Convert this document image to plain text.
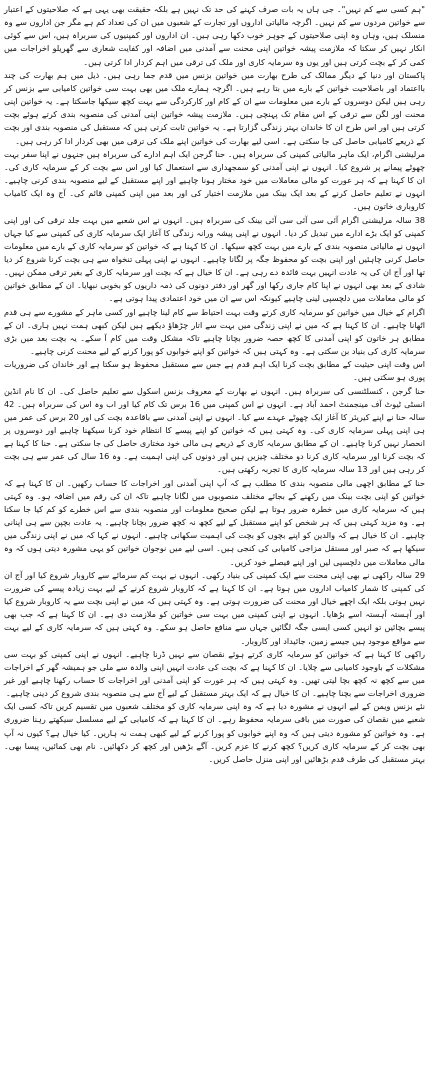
"ہم کسی سے کم نہیں"۔ جی ہاں یہ بات صرف کہنے کی حد تک نہیں ہے بلکہ حقیقت بھی یہی ہے کہ صلاحیتوں کے اعتبار سے خواتین مردوں سے کم نہیں۔ اگرچہ مالیاتی اداروں اور تجارت کے شعبوں میں ان کی تعداد کم ہے مگر جن اداروں سے وہ منسلک ہیں، وہاں وہ اپنی صلاحیتوں کے جوہر خوب دکھا رہی ہیں۔ ان اداروں اور کمپنیوں کی سربراہ ہیں، اس سے کوئی انکار نہیں کر سکتا کہ ملازمت پیشہ خواتین اپنی محنت سے آمدنی میں اضافہ اور کفایت شعاری سے گھریلو اخراجات میں کمی کر کے بچت کرتی ہیں اور یوں وہ سرمایہ کاری اور ملک کی ترقی میں اہم کردار ادا کرتی ہیں۔

پاکستان اور دنیا کے دیگر ممالک کی طرح بھارت میں خواتین بزنس میں قدم جما رہی ہیں۔ ذیل میں ہم بھارت کی چند بااعتماد اور باصلاحیت خواتین کے بارے میں بتا رہے ہیں۔ اگرچہ ہمارے ملک میں بھی بہت سی خواتین کامیابی سے بزنس کر رہی ہیں لیکن دوسروں کے بارے میں معلومات سے ان کے کام اور کارکردگی سے بہت کچھ سیکھا جاسکتا ہے۔ یہ خواتین اپنی محنت اور لگن سے ترقی کے اس مقام تک پہنچی ہیں۔ ملازمت پیشہ خواتین اپنی آمدنی کی منصوبہ بندی کرتے ہوئے بچت کرتی ہیں اور اس طرح ان کا خاندان بہتر زندگی گزارتا ہے۔ یہ خواتین ثابت کرتی ہیں کہ مستقبل کی منصوبہ بندی اور بچت کے ذریعے کامیابی حاصل کی جا سکتی ہے۔ اسی لیے بھارت کی خواتین اپنے ملک کی ترقی میں بھی کردار ادا کر رہی ہیں۔

مرلیشنی اگرام، ایک ماہر مالیاتی کمپنی کی سربراہ ہیں۔ حنا گرجن ایک اہم ادارے کی سربراہ ہیں جنہوں نے اپنا سفر بہت چھوٹے پیمانے پر شروع کیا۔ انہوں نے اپنی آمدنی کو سمجھداری سے استعمال کیا اور اس سے بچت کر کے سرمایہ کاری کی۔ ان کا کہنا ہے کہ ہر عورت کو مالی معاملات میں خود مختار ہونا چاہیے اور اپنے مستقبل کے لیے منصوبہ بندی کرنی چاہیے۔ انہوں نے تعلیم حاصل کرنے کے بعد ایک بینک میں ملازمت اختیار کی اور بعد میں اپنی کمپنی قائم کی۔ آج وہ ایک کامیاب کاروباری خاتون ہیں۔

38 سالہ مرلیشنی اگرام آئی سی آئی سی آئی بینک کی سربراہ ہیں۔ انہوں نے اس شعبے میں بہت جلد ترقی کی اور اپنی کمپنی کو ایک بڑے ادارے میں تبدیل کر دیا۔ انہوں نے اپنی پیشہ ورانہ زندگی کا آغاز ایک سرمایہ کاری کی کمپنی سے کیا جہاں انہوں نے مالیاتی منصوبہ بندی کے بارے میں بہت کچھ سیکھا۔ ان کا کہنا ہے کہ خواتین کو سرمایہ کاری کے بارے میں معلومات حاصل کرنی چاہئیں اور اپنی بچت کو محفوظ جگہ پر لگانا چاہیے۔ انہوں نے اپنی پہلی تنخواہ سے ہی بچت کرنا شروع کر دیا تھا اور آج ان کی یہ عادت انہیں بہت فائدہ دے رہی ہے۔ ان کا خیال ہے کہ بچت اور سرمایہ کاری کے بغیر ترقی ممکن نہیں۔ شادی کے بعد بھی انہوں نے اپنا کام جاری رکھا اور گھر اور دفتر دونوں کی ذمہ داریوں کو بخوبی نبھایا۔ ان کے مطابق خواتین کو مالی معاملات میں دلچسپی لینی چاہیے کیونکہ اس سے ان میں خود اعتمادی پیدا ہوتی ہے۔

اگرام کے خیال میں خواتین کو سرمایہ کاری کرتے وقت بہت احتیاط سے کام لینا چاہیے اور کسی ماہر کے مشورے سے ہی قدم اٹھانا چاہیے۔ ان کا کہنا ہے کہ میں نے اپنی زندگی میں بہت سے اتار چڑھاؤ دیکھے ہیں لیکن کبھی ہمت نہیں ہاری۔ ان کے مطابق ہر خاتون کو اپنی آمدنی کا کچھ حصہ ضرور بچانا چاہیے تاکہ مشکل وقت میں کام آ سکے۔ یہ بچت بعد میں بڑی سرمایہ کاری کی بنیاد بن سکتی ہے۔ وہ کہتی ہیں کہ خواتین کو اپنے خوابوں کو پورا کرنے کے لیے محنت کرنی چاہیے۔

اس وقت اپنی حیثیت کے مطابق بچت کرنا ایک اہم قدم ہے جس سے مستقبل محفوظ ہو سکتا ہے اور خاندان کی ضروریات پوری ہو سکتی ہیں۔

حنا گرجن ، کنسلٹنسی کی سربراہ ہیں۔ انہوں نے بھارت کے معروف بزنس اسکول سے تعلیم حاصل کی۔ ان کا نام انڈین انسٹی ٹیوٹ آف مینجمنٹ احمد آباد ہے۔ انہوں نے اس کمپنی میں 16 برس تک کام کیا اور اب وہ اس کی سربراہ ہیں۔ 42 سالہ حنا نے اپنے کیریئر کا آغاز ایک چھوٹے عہدے سے کیا۔ انہوں نے اپنی آمدنی سے باقاعدہ بچت کی اور 20 برس کی عمر میں ہی اپنی پہلی سرمایہ کاری کی۔ وہ کہتی ہیں کہ خواتین کو اپنے پیسے کا انتظام خود کرنا سیکھنا چاہیے اور دوسروں پر انحصار نہیں کرنا چاہیے۔ ان کے مطابق سرمایہ کاری کے ذریعے ہی مالی خود مختاری حاصل کی جا سکتی ہے۔ حنا کا کہنا ہے کہ بچت کرنا اور سرمایہ کاری کرنا دو مختلف چیزیں ہیں اور دونوں کی اپنی اہمیت ہے۔ وہ 16 سال کی عمر سے ہی بچت کر رہی ہیں اور 13 سالہ سرمایہ کاری کا تجربہ رکھتی ہیں۔

حنا کے مطابق اچھی مالی منصوبہ بندی کا مطلب ہے کہ آپ اپنی آمدنی اور اخراجات کا حساب رکھیں۔ ان کا کہنا ہے کہ خواتین کو اپنی بچت بینک میں رکھنے کے بجائے مختلف منصوبوں میں لگانا چاہیے تاکہ ان کی رقم میں اضافہ ہو۔ وہ کہتی ہیں کہ سرمایہ کاری میں خطرہ ضرور ہوتا ہے لیکن صحیح معلومات اور منصوبہ بندی سے اس خطرے کو کم کیا جا سکتا ہے۔ وہ مزید کہتی ہیں کہ ہر شخص کو اپنے مستقبل کے لیے کچھ نہ کچھ ضرور بچانا چاہیے۔ یہ عادت بچپن سے ہی اپنانی چاہیے۔ ان کا خیال ہے کہ والدین کو اپنے بچوں کو بچت کی اہمیت سکھانی چاہیے۔ انہوں نے کہا کہ میں نے اپنی زندگی میں سیکھا ہے کہ صبر اور مستقل مزاجی کامیابی کی کنجی ہیں۔ اسی لیے میں نوجوان خواتین کو یہی مشورہ دیتی ہوں کہ وہ مالی معاملات میں دلچسپی لیں اور اپنے فیصلے خود کریں۔

29 سالہ راکھی نے بھی اپنی محنت سے ایک کمپنی کی بنیاد رکھی۔ انہوں نے بہت کم سرمائے سے کاروبار شروع کیا اور آج ان کی کمپنی کا شمار کامیاب اداروں میں ہوتا ہے۔ ان کا کہنا ہے کہ کاروبار شروع کرنے کے لیے بہت زیادہ پیسے کی ضرورت نہیں ہوتی بلکہ ایک اچھے خیال اور محنت کی ضرورت ہوتی ہے۔ وہ کہتی ہیں کہ میں نے اپنی بچت سے یہ کاروبار شروع کیا اور آہستہ آہستہ اسے بڑھایا۔ انہوں نے اپنی کمپنی میں بہت سی خواتین کو ملازمت دی ہے۔ ان کا کہنا ہے کہ جب بھی پیسے بچائیں تو انہیں کسی ایسی جگہ لگائیں جہاں سے منافع حاصل ہو سکے۔ وہ کہتی ہیں کہ سرمایہ کاری کے لیے بہت سے مواقع موجود ہیں جیسے زمین، جائیداد اور کاروبار۔

راکھی کا کہنا ہے کہ خواتین کو سرمایہ کاری کرتے ہوئے نقصان سے نہیں ڈرنا چاہیے۔ انہوں نے اپنی کمپنی کو بہت سی مشکلات کے باوجود کامیابی سے چلایا۔ ان کا کہنا ہے کہ بچت کی عادت انہیں اپنی والدہ سے ملی جو ہمیشہ گھر کے اخراجات میں سے کچھ نہ کچھ بچا لیتی تھیں۔ وہ کہتی ہیں کہ ہر عورت کو اپنی آمدنی اور اخراجات کا حساب رکھنا چاہیے اور غیر ضروری اخراجات سے بچنا چاہیے۔ ان کا خیال ہے کہ ایک بہتر مستقبل کے لیے آج سے ہی منصوبہ بندی شروع کر دینی چاہیے۔

نئے بزنس ویمن کے لیے انہوں نے مشورہ دیا ہے کہ وہ اپنی سرمایہ کاری کو مختلف شعبوں میں تقسیم کریں تاکہ کسی ایک شعبے میں نقصان کی صورت میں باقی سرمایہ محفوظ رہے۔ ان کا کہنا ہے کہ کامیابی کے لیے مسلسل سیکھتے رہنا ضروری ہے۔ وہ خواتین کو مشورہ دیتی ہیں کہ وہ اپنے خوابوں کو پورا کرنے کے لیے کبھی ہمت نہ ہاریں۔ کیا خیال ہے؟ کیوں نہ آپ بھی بچت کر کے سرمایہ کاری کریں؟ کچھ کرنے کا عزم کریں۔ آگے بڑھیں اور کچھ کر دکھائیں۔ نام بھی کمائیں، پیسا بھی۔ بہتر مستقبل کی طرف قدم بڑھائیں اور اپنی منزل حاصل کریں۔
